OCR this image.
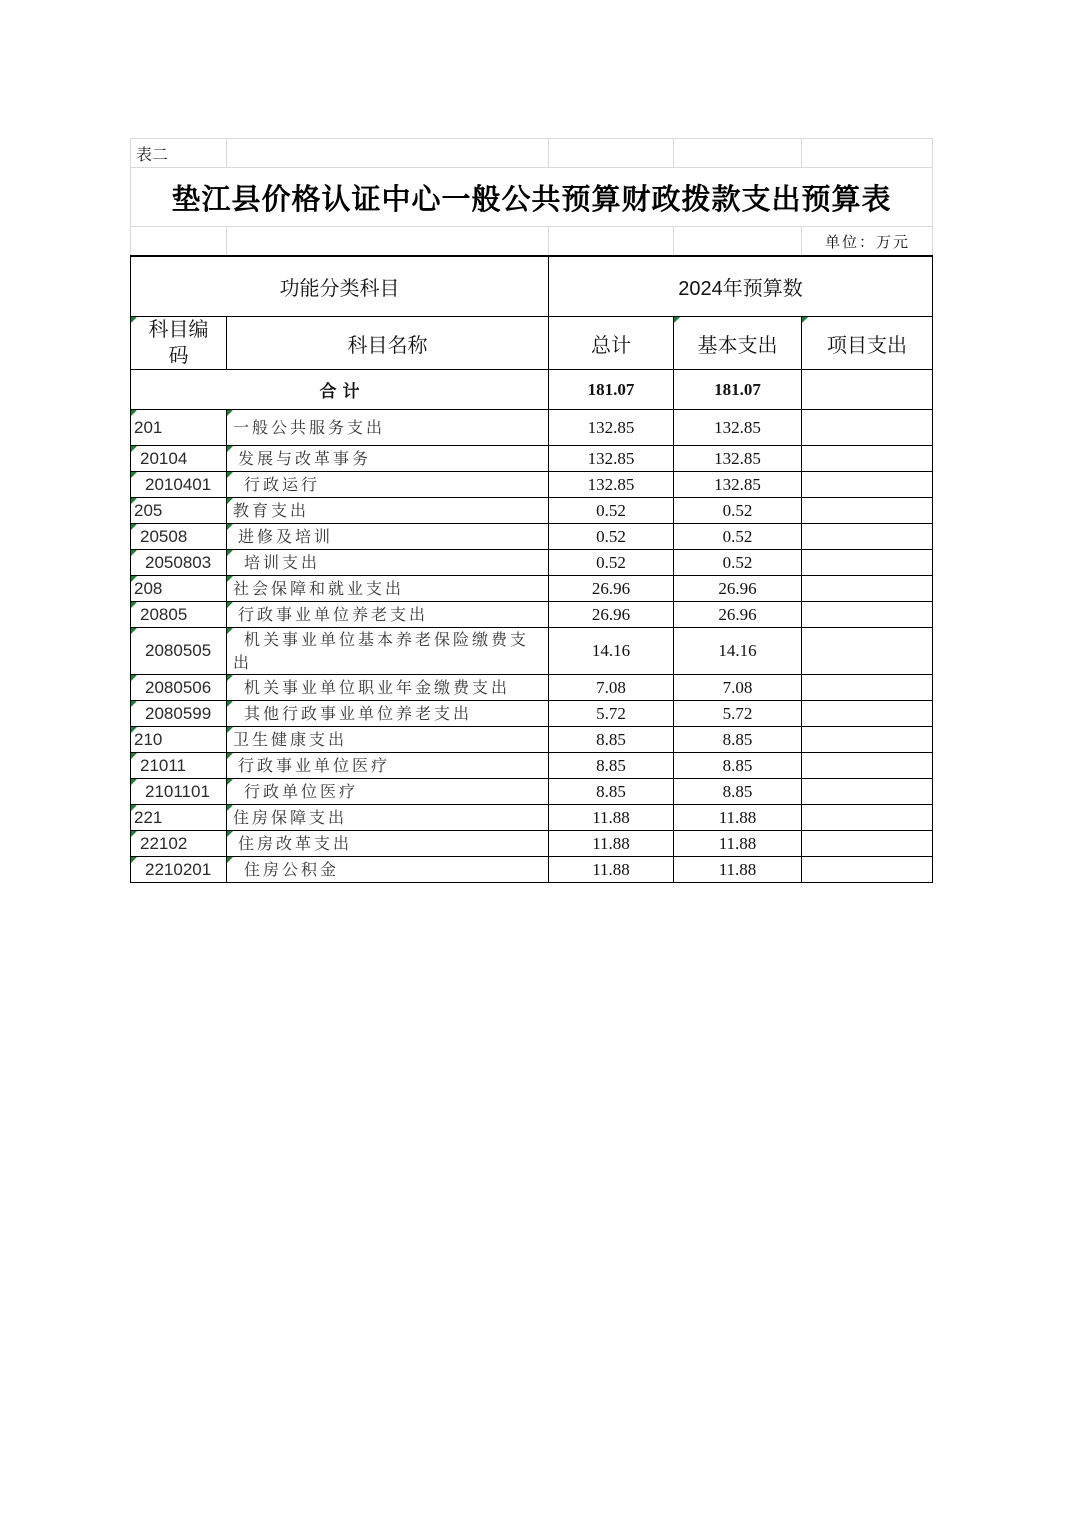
表二				
垫江县价格认证中心一般公共预算财政拨款支出预算表				
				单位：万元
功能分类科目		2024年预算数		
科目编码	科目名称	总计	基本支出	项目支出
合计		181.07	181.07	
201	一般公共服务支出	132.85	132.85	
20104	发展与改革事务	132.85	132.85	
2010401	行政运行	132.85	132.85	
205	教育支出	0.52	0.52	
20508	进修及培训	0.52	0.52	
2050803	培训支出	0.52	0.52	
208	社会保障和就业支出	26.96	26.96	
20805	行政事业单位养老支出	26.96	26.96	
2080505	机关事业单位基本养老保险缴费支出	14.16	14.16	
2080506	机关事业单位职业年金缴费支出	7.08	7.08	
2080599	其他行政事业单位养老支出	5.72	5.72	
210	卫生健康支出	8.85	8.85	
21011	行政事业单位医疗	8.85	8.85	
2101101	行政单位医疗	8.85	8.85	
221	住房保障支出	11.88	11.88	
22102	住房改革支出	11.88	11.88	
2210201	住房公积金	11.88	11.88	
